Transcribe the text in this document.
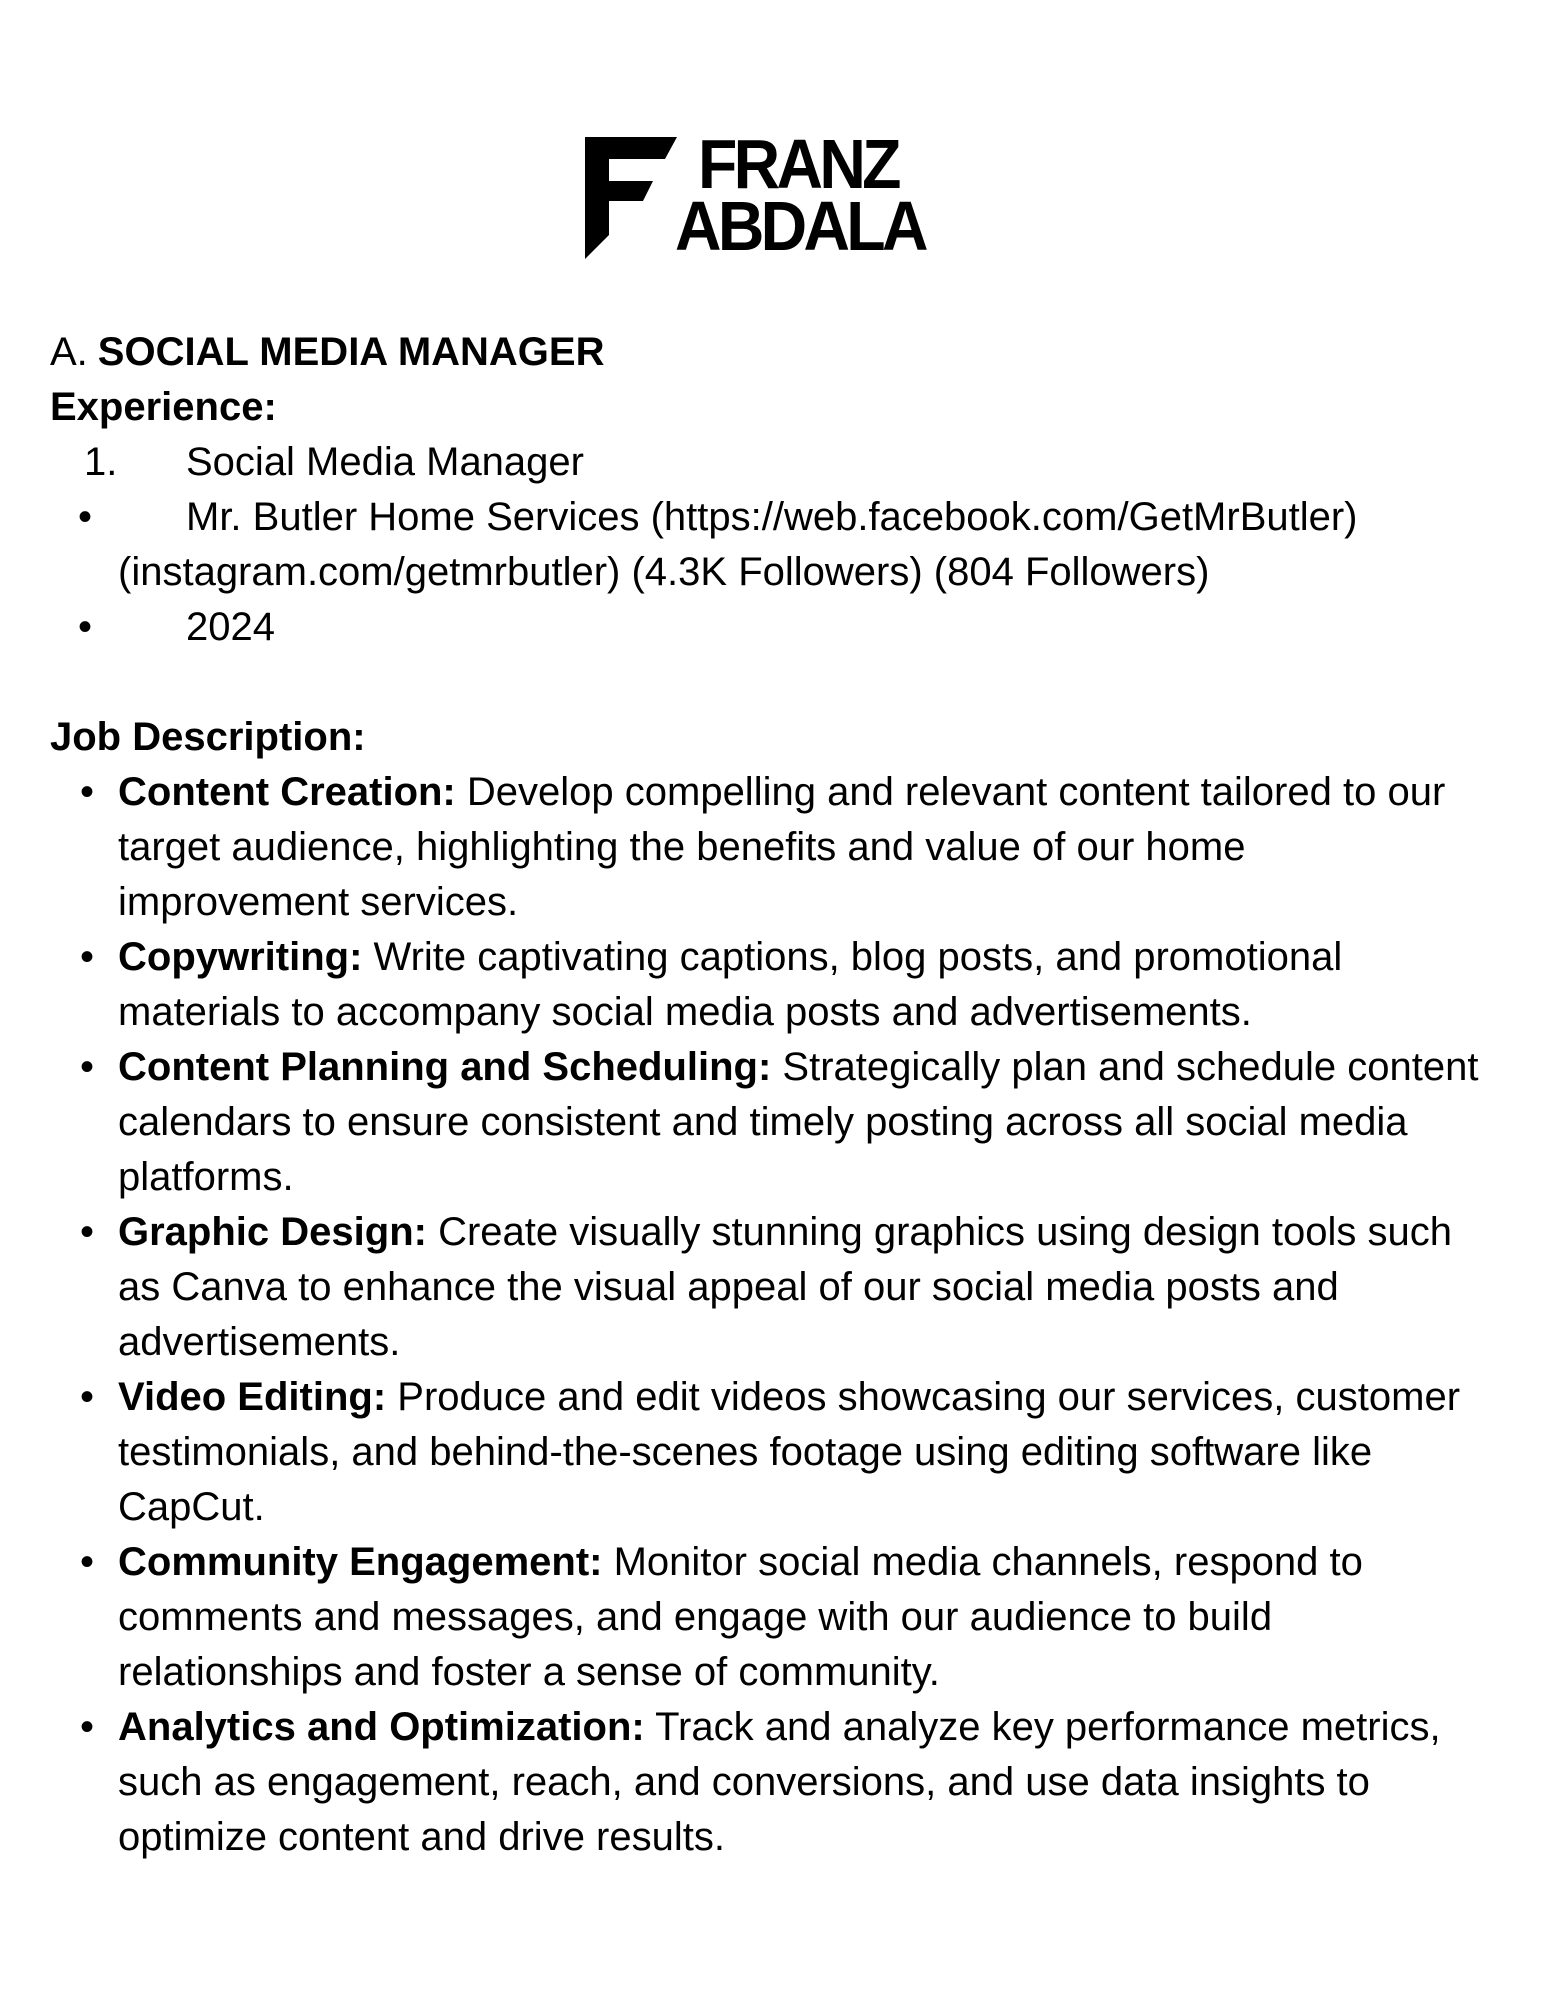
FRANZ
ABDALA
A. SOCIAL MEDIA MANAGER
Experience:
1.	Social Media Manager
•	Mr. Butler Home Services (https://web.facebook.com/GetMrButler)
(instagram.com/getmrbutler) (4.3K Followers) (804 Followers)
•	2024
Job Description:
• Content Creation: Develop compelling and relevant content tailored to our target audience, highlighting the benefits and value of our home improvement services.
• Copywriting: Write captivating captions, blog posts, and promotional materials to accompany social media posts and advertisements.
• Content Planning and Scheduling: Strategically plan and schedule content calendars to ensure consistent and timely posting across all social media platforms.
• Graphic Design: Create visually stunning graphics using design tools such as Canva to enhance the visual appeal of our social media posts and advertisements.
• Video Editing: Produce and edit videos showcasing our services, customer testimonials, and behind-the-scenes footage using editing software like CapCut.
• Community Engagement: Monitor social media channels, respond to comments and messages, and engage with our audience to build relationships and foster a sense of community.
• Analytics and Optimization: Track and analyze key performance metrics, such as engagement, reach, and conversions, and use data insights to optimize content and drive results.
